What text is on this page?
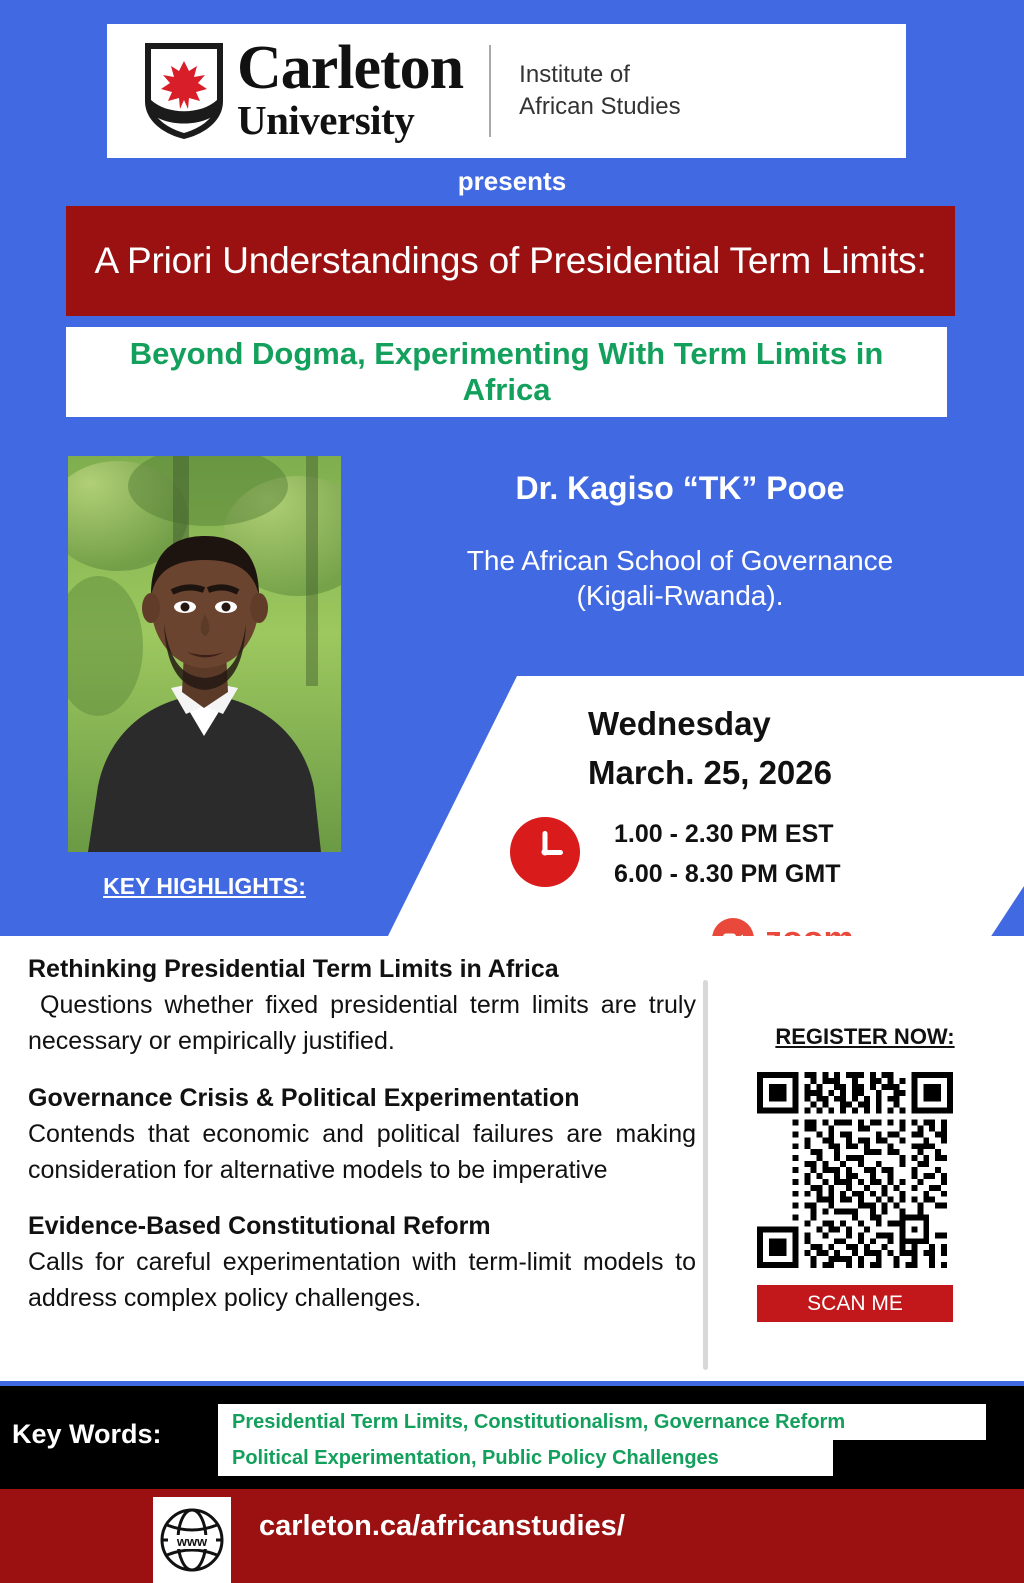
Carleton
University
Institute of
African Studies
presents
A Priori Understandings of Presidential Term Limits:
Beyond Dogma, Experimenting With Term Limits in Africa
KEY HIGHLIGHTS:
Dr. Kagiso “TK” Pooe
The African School of Governance
(Kigali-Rwanda).
Wednesday
March. 25, 2026
1.00 - 2.30 PM EST
6.00 - 8.30 PM GMT
Rethinking Presidential Term Limits in Africa
Questions whether fixed presidential term limits are truly necessary or empirically justified.
Governance Crisis & Political Experimentation
Contends that economic and political failures are making consideration for alternative models to be imperative
Evidence-Based Constitutional Reform
Calls for careful experimentation with term-limit models to address complex policy challenges.
REGISTER NOW:
SCAN ME
Key Words:	Presidential Term Limits, Constitutionalism, Governance Reform
Political Experimentation, Public Policy Challenges
www carleton.ca/africanstudies/
